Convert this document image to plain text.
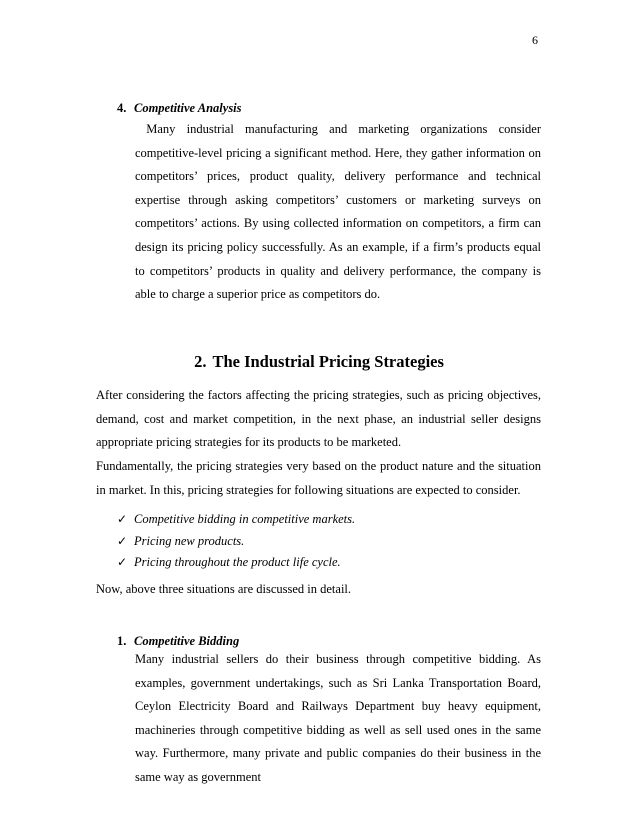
6

4. Competitive Analysis

Many industrial manufacturing and marketing organizations consider competitive-level pricing a significant method. Here, they gather information on competitors’ prices, product quality, delivery performance and technical expertise through asking competitors’ customers or marketing surveys on competitors’ actions. By using collected information on competitors, a firm can design its pricing policy successfully. As an example, if a firm’s products equal to competitors’ products in quality and delivery performance, the company is able to charge a superior price as competitors do.

2. The Industrial Pricing Strategies

After considering the factors affecting the pricing strategies, such as pricing objectives, demand, cost and market competition, in the next phase, an industrial seller designs appropriate pricing strategies for its products to be marketed.

Fundamentally, the pricing strategies very based on the product nature and the situation in market. In this, pricing strategies for following situations are expected to consider.

✓ Competitive bidding in competitive markets.
✓ Pricing new products.
✓ Pricing throughout the product life cycle.

Now, above three situations are discussed in detail.

1. Competitive Bidding

Many industrial sellers do their business through competitive bidding. As examples, government undertakings, such as Sri Lanka Transportation Board, Ceylon Electricity Board and Railways Department buy heavy equipment, machineries through competitive bidding as well as sell used ones in the same way. Furthermore, many private and public companies do their business in the same way as government
